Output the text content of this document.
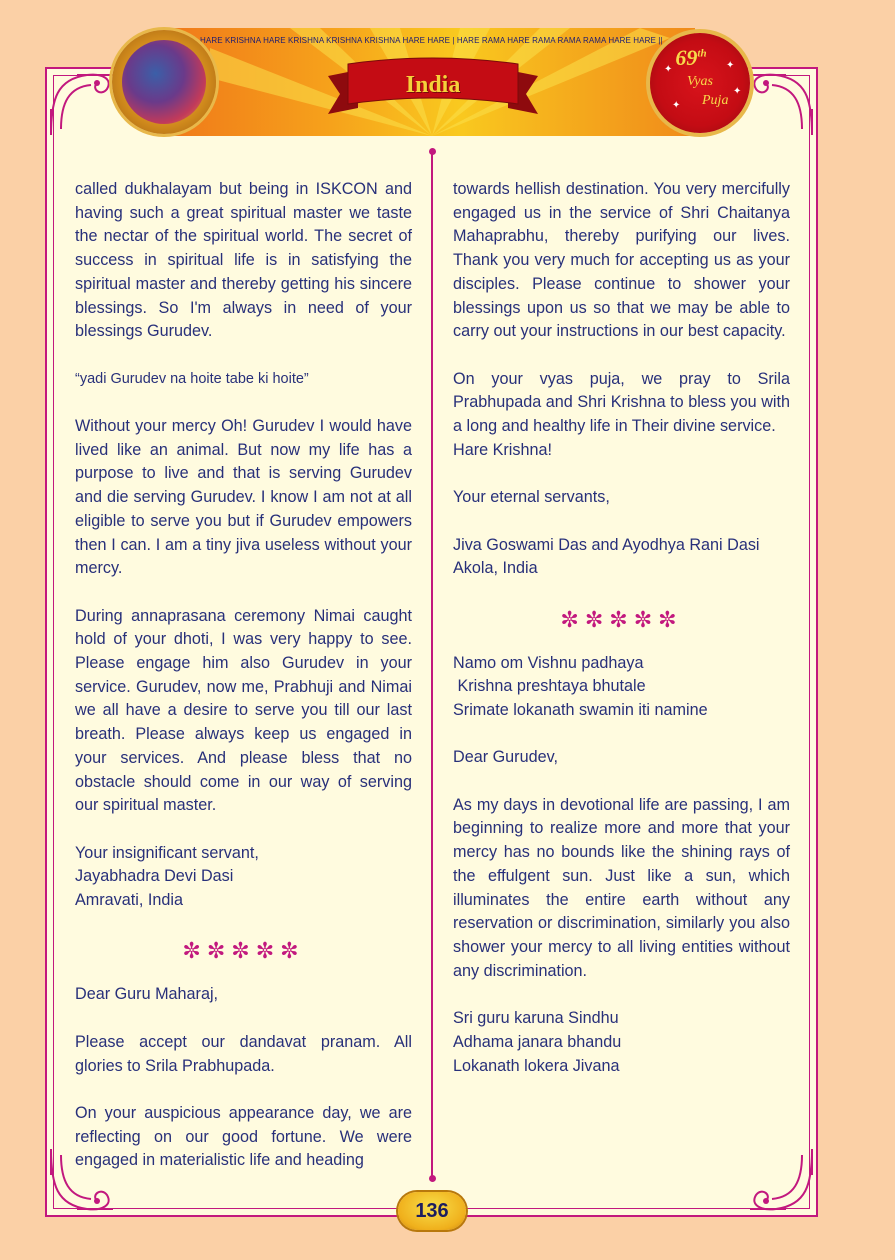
HARE KRISHNA HARE KRISHNA KRISHNA KRISHNA HARE HARE | HARE RAMA HARE RAMA RAMA RAMA HARE HARE ||
India
69th
Vyas
Puja
✦	✦
✦
✦

called dukhalayam but being in ISKCON and having such a great spiritual master we taste the nectar of the spiritual world. The secret of success in spiritual life is in satisfying the spiritual master and thereby getting his sincere blessings. So I'm always in need of your blessings Gurudev.

“yadi Gurudev na hoite tabe ki hoite”

Without your mercy Oh! Gurudev I would have lived like an animal. But now my life has a purpose to live and that is serving Gurudev and die serving Gurudev. I know I am not at all eligible to serve you but if Gurudev empowers then I can. I am a tiny jiva useless without your mercy.

During annaprasana ceremony Nimai caught hold of your dhoti, I was very happy to see. Please engage him also Gurudev in your service. Gurudev, now me, Prabhuji and Nimai we all have a desire to serve you till our last breath. Please always keep us engaged in your services. And please bless that no obstacle should come in our way of serving our spiritual master.

Your insignificant servant,
Jayabhadra Devi Dasi
Amravati, India

✼✼✼✼✼

Dear Guru Maharaj,

Please accept our dandavat pranam. All glories to Srila Prabhupada.

On your auspicious appearance day, we are reflecting on our good fortune. We were engaged in materialistic life and heading

towards hellish destination. You very mercifully engaged us in the service of Shri Chaitanya Mahaprabhu, thereby purifying our lives. Thank you very much for accepting us as your disciples. Please continue to shower your blessings upon us so that we may be able to carry out your instructions in our best capacity.

On your vyas puja, we pray to Srila Prabhupada and Shri Krishna to bless you with a long and healthy life in Their divine service.
Hare Krishna!

Your eternal servants,

Jiva Goswami Das and Ayodhya Rani Dasi
Akola, India

✼✼✼✼✼

Namo om Vishnu padhaya
Krishna preshtaya bhutale
Srimate lokanath swamin iti namine

Dear Gurudev,

As my days in devotional life are passing, I am beginning to realize more and more that your mercy has no bounds like the shining rays of the effulgent sun. Just like a sun, which illuminates the entire earth without any reservation or discrimination, similarly you also shower your mercy to all living entities without any discrimination.

Sri guru karuna Sindhu
Adhama janara bhandu
Lokanath lokera Jivana

136
